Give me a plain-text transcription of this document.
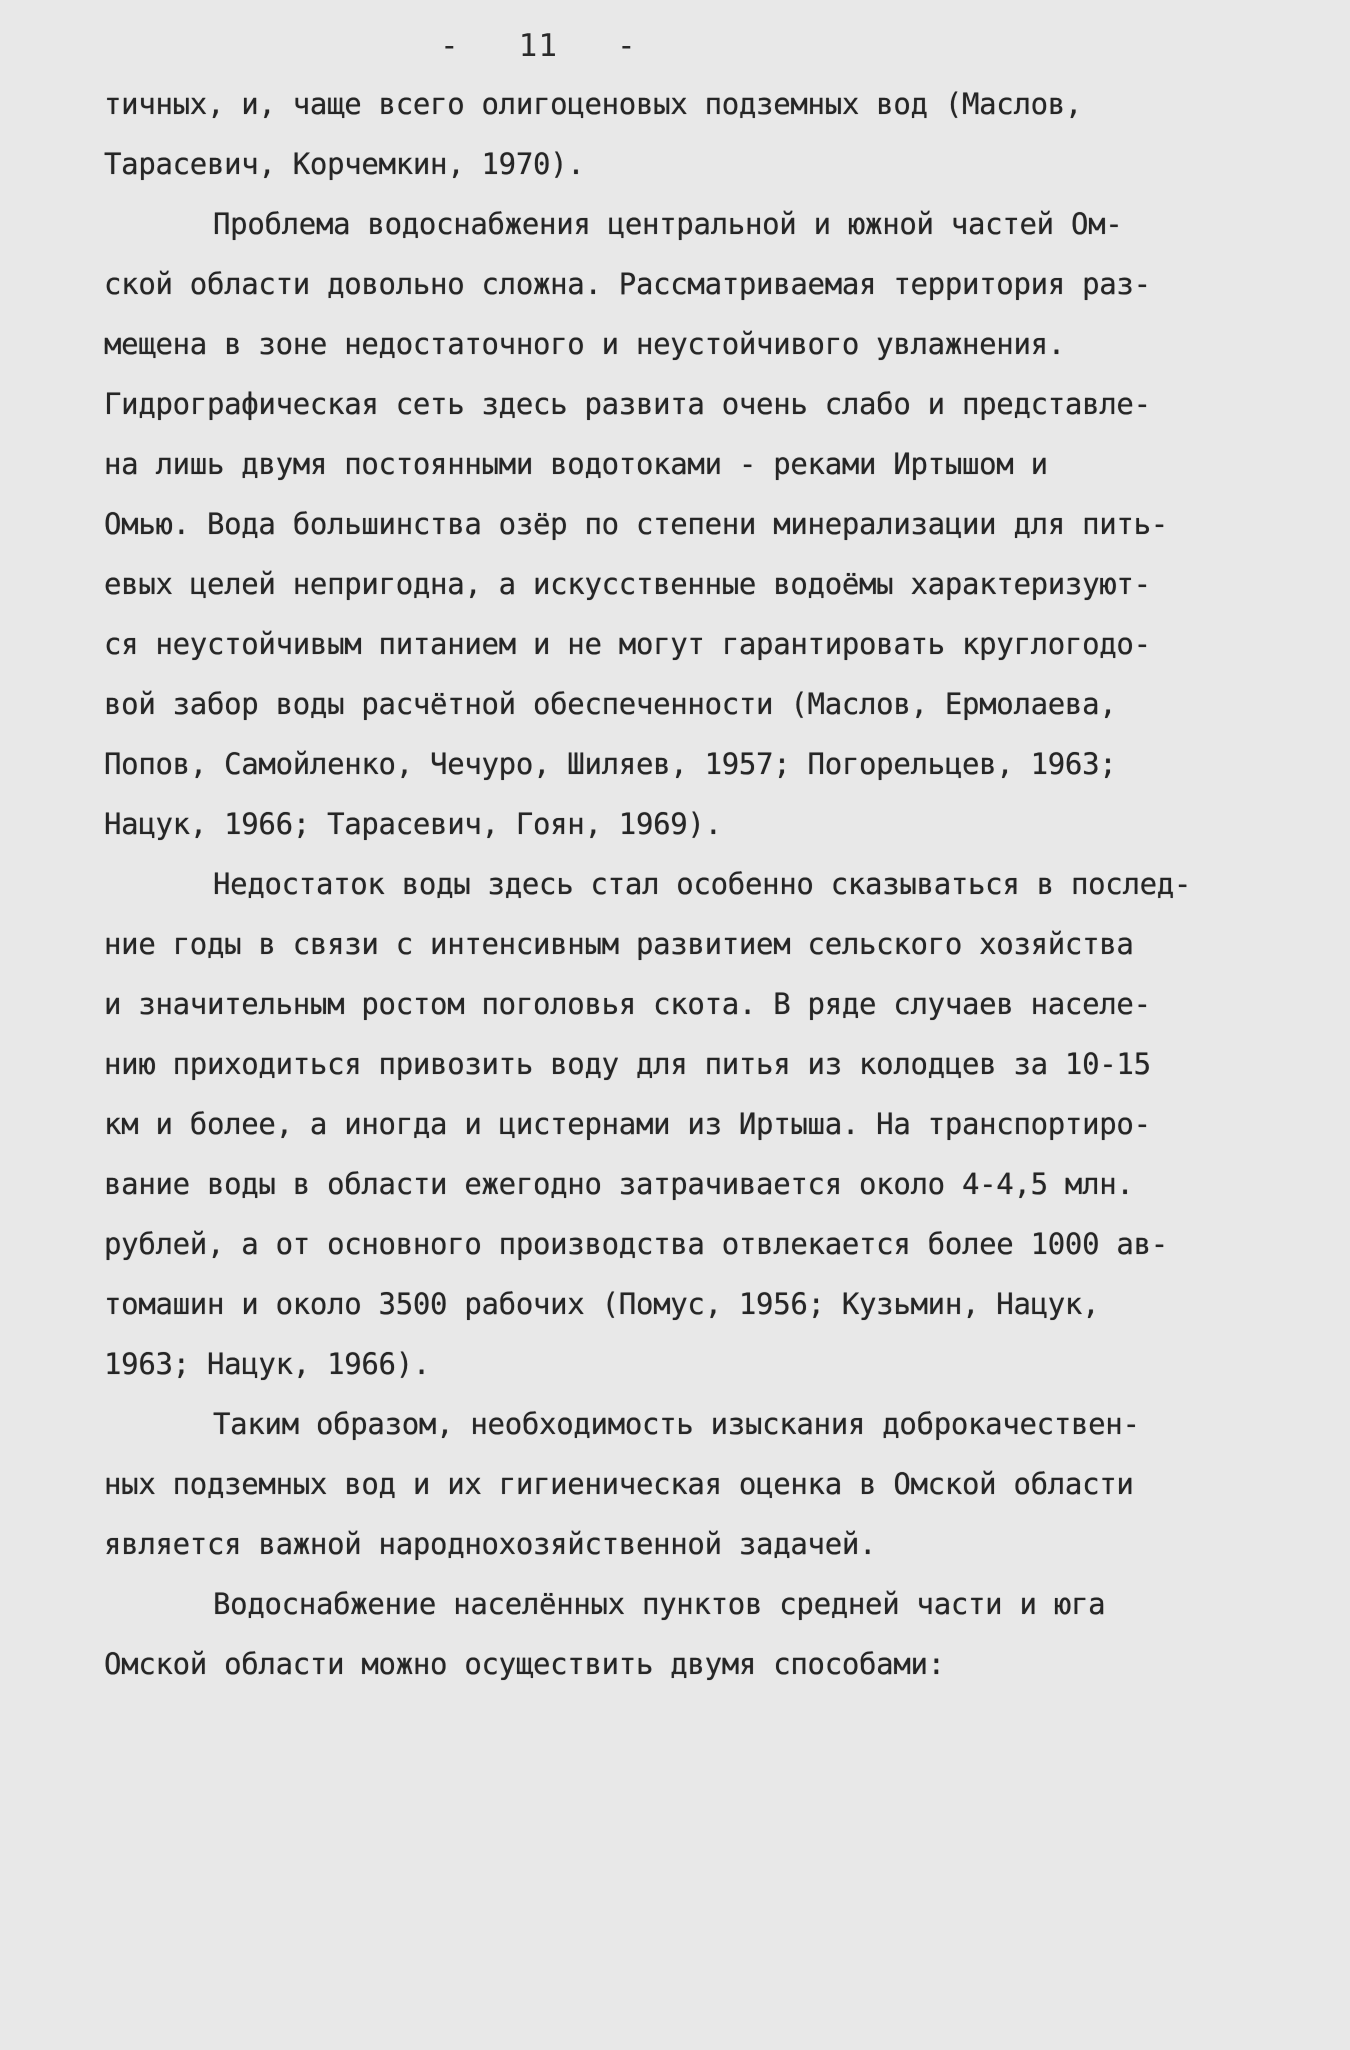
-   11   -
тичных, и, чаще всего олигоценовых подземных вод (Маслов,
Тарасевич, Корчемкин, 1970).
Проблема водоснабжения центральной и южной частей Ом-
ской области довольно сложна. Рассматриваемая территория раз-
мещена в зоне недостаточного и неустойчивого увлажнения.
Гидрографическая сеть здесь развита очень слабо и представле-
на лишь двумя постоянными водотоками - реками Иртышом и
Омью. Вода большинства озёр по степени минерализации для пить-
евых целей непригодна, а искусственные водоёмы характеризуют-
ся неустойчивым питанием и не могут гарантировать круглогодо-
вой забор воды расчётной обеспеченности (Маслов, Ермолаева,
Попов, Самойленко, Чечуро, Шиляев, 1957; Погорельцев, 1963;
Нацук, 1966; Тарасевич, Гоян, 1969).
Недостаток воды здесь стал особенно сказываться в послед-
ние годы в связи с интенсивным развитием сельского хозяйства
и значительным ростом поголовья скота. В ряде случаев населе-
нию приходиться привозить воду для питья из колодцев за 10-15
км и более, а иногда и цистернами из Иртыша. На транспортиро-
вание воды в области ежегодно затрачивается около 4-4,5 млн.
рублей, а от основного производства отвлекается более 1000 ав-
томашин и около 3500 рабочих (Помус, 1956; Кузьмин, Нацук,
1963; Нацук, 1966).
Таким образом, необходимость изыскания доброкачествен-
ных подземных вод и их гигиеническая оценка в Омской области
является важной народнохозяйственной задачей.
Водоснабжение населённых пунктов средней части и юга
Омской области можно осуществить двумя способами:
